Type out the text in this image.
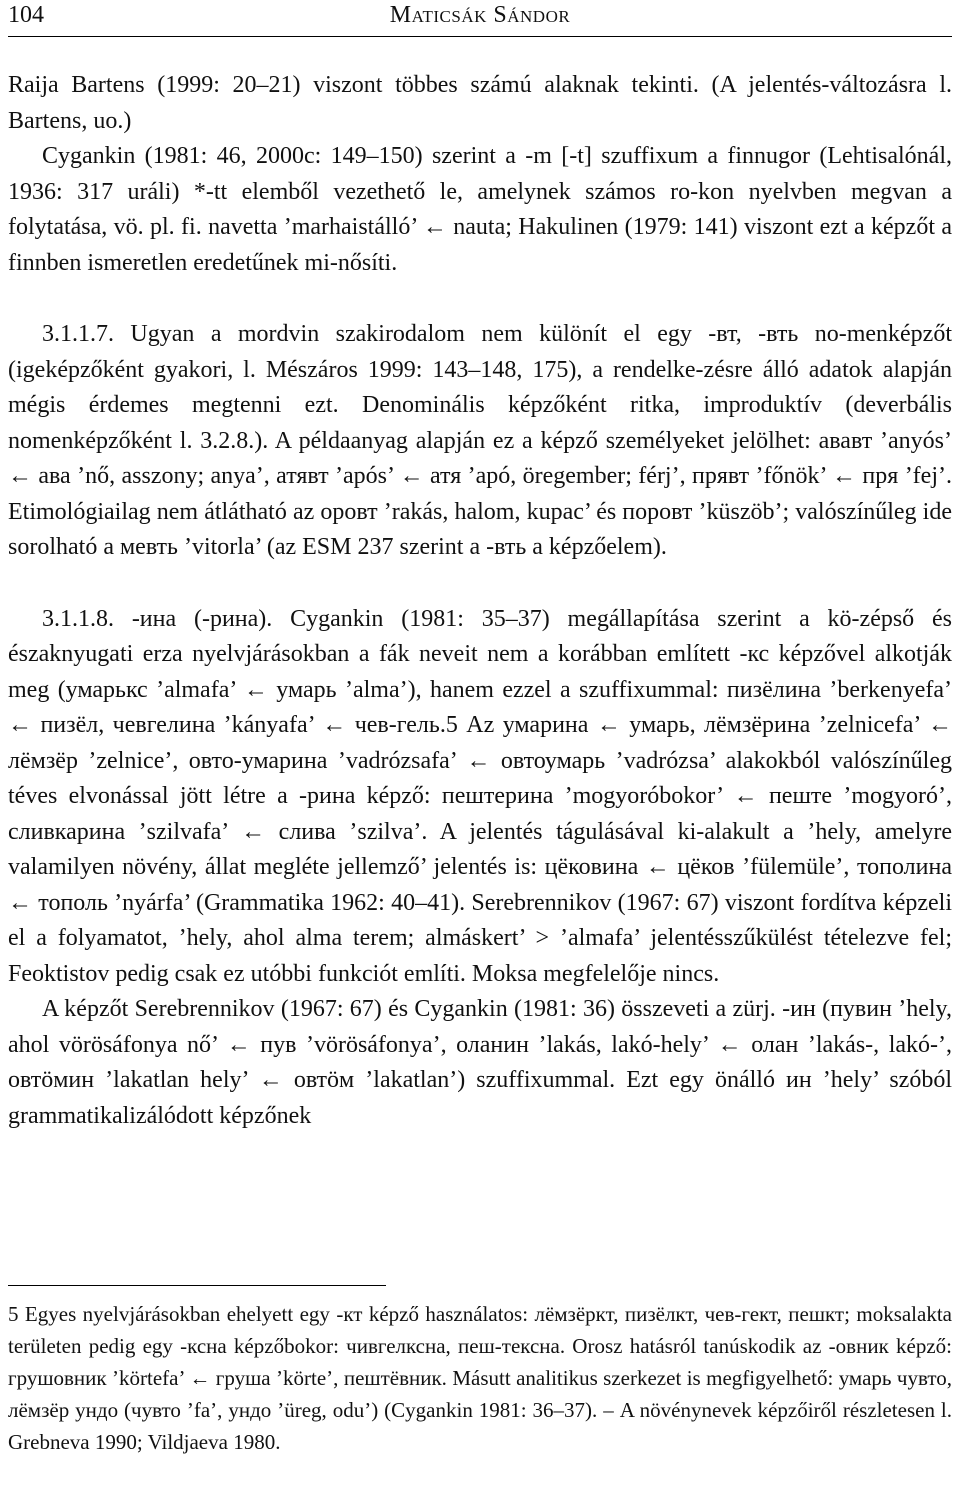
104	Maticsák Sándor

Raija Bartens (1999: 20–21) viszont többes számú alaknak tekinti. (A jelentés-változásra l. Bartens, uo.)

Cygankin (1981: 46, 2000c: 149–150) szerint a -m [-t] szuffixum a finnugor (Lehtisalónál, 1936: 317 uráli) *-tt elemből vezethető le, amelynek számos ro-kon nyelvben megvan a folytatása, vö. pl. fi. navetta ’marhaistálló’ ← nauta; Hakulinen (1979: 141) viszont ezt a képzőt a finnben ismeretlen eredetűnek mi-nősíti.

3.1.1.7. Ugyan a mordvin szakirodalom nem különít el egy -вт, -вть no-menképzőt (igeképzőként gyakori, l. Mészáros 1999: 143–148, 175), a rendelke-zésre álló adatok alapján mégis érdemes megtenni ezt. Denominális képzőként ritka, improduktív (deverbális nomenképzőként l. 3.2.8.). A példaanyag alapján ez a képző személyeket jelölhet: ававт ’anyós’ ← ава ’nő, asszony; anya’, атявт ’após’ ← атя ’apó, öregember; férj’, прявт ’főnök’ ← пря ’fej’. Etimológiailag nem átlátható az оровт ’rakás, halom, kupac’ és поровт ’küszöb’; valószínűleg ide sorolható a мевть ’vitorla’ (az ESM 237 szerint a -вть a képzőelem).

3.1.1.8. -ина (-рина). Cygankin (1981: 35–37) megállapítása szerint a kö-zépső és északnyugati erza nyelvjárásokban a fák neveit nem a korábban említett -кс képzővel alkotják meg (умарькс ’almafa’ ← умарь ’alma’), hanem ezzel a szuffixummal: пизёлина ’berkenyefa’ ← пизёл, чевгелина ’kányafa’ ← чев-гель.5 Az умарина ← умарь, лёмзёрина ’zelnicefa’ ← лёмзёр ’zelnice’, овто-умарина ’vadrózsafa’ ← овтоумарь ’vadrózsa’ alakokból valószínűleg téves elvonással jött létre a -рина képző: пештерина ’mogyoróbokor’ ← пеште ’mogyoró’, сливкарина ’szilvafa’ ← слива ’szilva’. A jelentés tágulásával ki-alakult a ’hely, amelyre valamilyen növény, állat megléte jellemző’ jelentés is: цёковина ← цёков ’fülemüle’, тополина ← тополь ’nyárfa’ (Grammatika 1962: 40–41). Serebrennikov (1967: 67) viszont fordítva képzeli el a folyamatot, ’hely, ahol alma terem; almáskert’ > ’almafa’ jelentésszűkülést tételezve fel; Feoktistov pedig csak ez utóbbi funkciót említi. Moksa megfelelője nincs.

A képzőt Serebrennikov (1967: 67) és Cygankin (1981: 36) összeveti a zürj. -ин (пувин ’hely, ahol vörösáfonya nő’ ← пув ’vörösáfonya’, оланин ’lakás, lakó-hely’ ← олан ’lakás-, lakó-’, овтӧмин ’lakatlan hely’ ← овтӧм ’lakatlan’) szuffixummal. Ezt egy önálló ин ’hely’ szóból grammatikalizálódott képzőnek

5 Egyes nyelvjárásokban ehelyett egy -кт képző használatos: лёмзёркт, пизёлкт, чев-гект, пешкт; moksalakta területen pedig egy -ксна képzőbokor: чивгелксна, пеш-тексна. Orosz hatásról tanúskodik az -овник képző: грушовник ’körtefa’ ← груша ’körte’, пештёвник. Másutt analitikus szerkezet is megfigyelhető: умарь чувто, лёмзёр ундо (чувто ’fa’, ундо ’üreg, odu’) (Cygankin 1981: 36–37). – A növénynevek képzőiről részletesen l. Grebneva 1990; Vildjaeva 1980.
